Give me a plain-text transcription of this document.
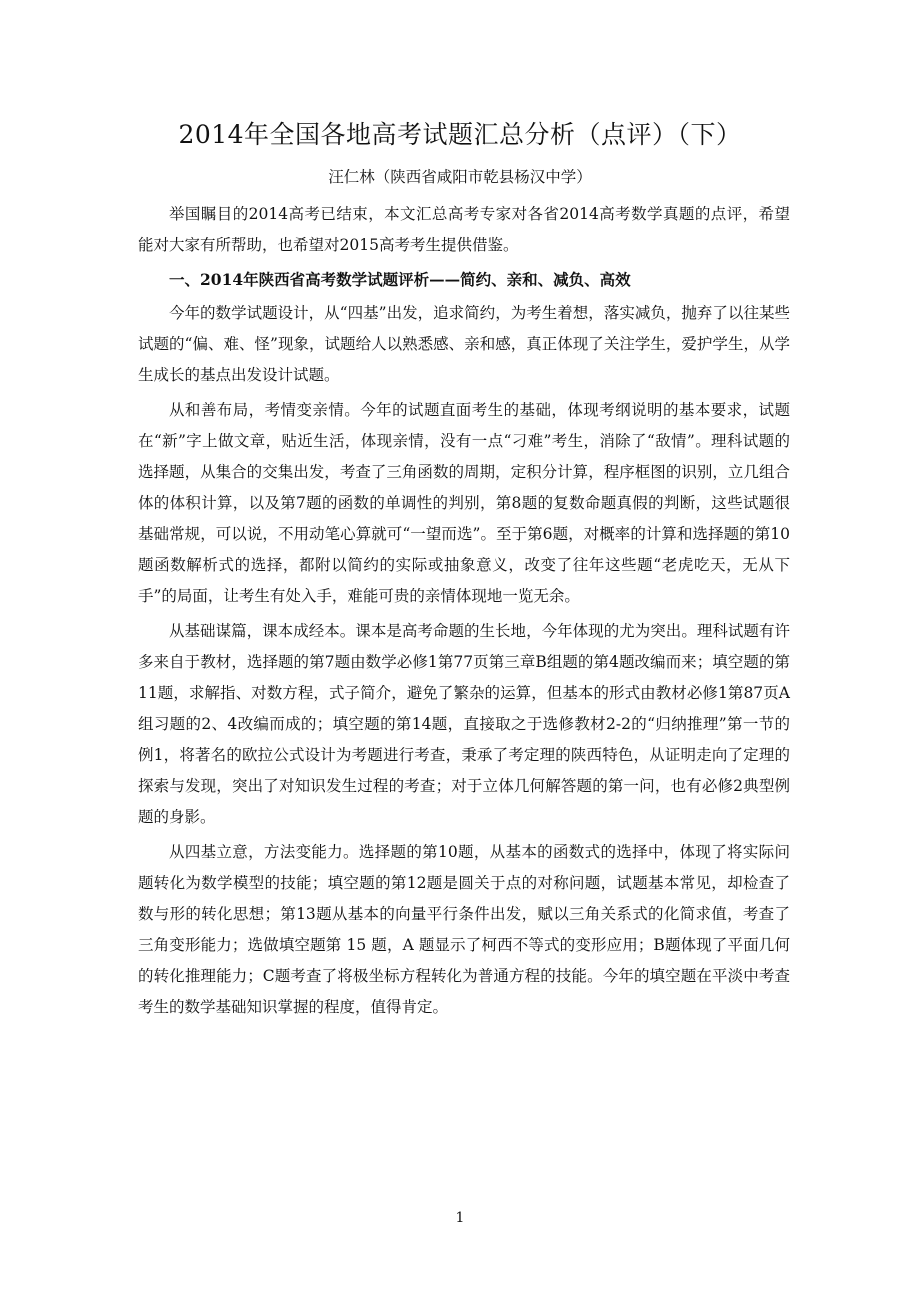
2014年全国各地高考试题汇总分析（点评）（下）
汪仁林（陕西省咸阳市乾县杨汉中学）

举国瞩目的2014高考已结束，本文汇总高考专家对各省2014高考数学真题的点评，希望能对大家有所帮助，也希望对2015高考考生提供借鉴。

一、2014年陕西省高考数学试题评析——简约、亲和、减负、高效

今年的数学试题设计，从“四基”出发，追求简约，为考生着想，落实减负，抛弃了以往某些试题的“偏、难、怪”现象，试题给人以熟悉感、亲和感，真正体现了关注学生，爱护学生，从学生成长的基点出发设计试题。

从和善布局，考情变亲情。今年的试题直面考生的基础，体现考纲说明的基本要求，试题在“新”字上做文章，贴近生活，体现亲情，没有一点“刁难”考生，消除了“敌情”。理科试题的选择题，从集合的交集出发，考查了三角函数的周期，定积分计算，程序框图的识别，立几组合体的体积计算，以及第7题的函数的单调性的判别，第8题的复数命题真假的判断，这些试题很基础常规，可以说，不用动笔心算就可“一望而选”。至于第6题，对概率的计算和选择题的第10题函数解析式的选择，都附以简约的实际或抽象意义，改变了往年这些题“老虎吃天，无从下手”的局面，让考生有处入手，难能可贵的亲情体现地一览无余。

从基础谋篇，课本成经本。课本是高考命题的生长地，今年体现的尤为突出。理科试题有许多来自于教材，选择题的第7题由数学必修1第77页第三章B组题的第4题改编而来；填空题的第11题，求解指、对数方程，式子简介，避免了繁杂的运算，但基本的形式由教材必修1第87页A组习题的2、4改编而成的；填空题的第14题，直接取之于选修教材2-2的“归纳推理”第一节的例1，将著名的欧拉公式设计为考题进行考查，秉承了考定理的陕西特色，从证明走向了定理的探索与发现，突出了对知识发生过程的考查；对于立体几何解答题的第一问，也有必修2典型例题的身影。

从四基立意，方法变能力。选择题的第10题，从基本的函数式的选择中，体现了将实际问题转化为数学模型的技能；填空题的第12题是圆关于点的对称问题，试题基本常见，却检查了数与形的转化思想；第13题从基本的向量平行条件出发，赋以三角关系式的化简求值，考查了三角变形能力；选做填空题第 15 题，A 题显示了柯西不等式的变形应用；B题体现了平面几何的转化推理能力；C题考查了将极坐标方程转化为普通方程的技能。今年的填空题在平淡中考查考生的数学基础知识掌握的程度，值得肯定。

1
